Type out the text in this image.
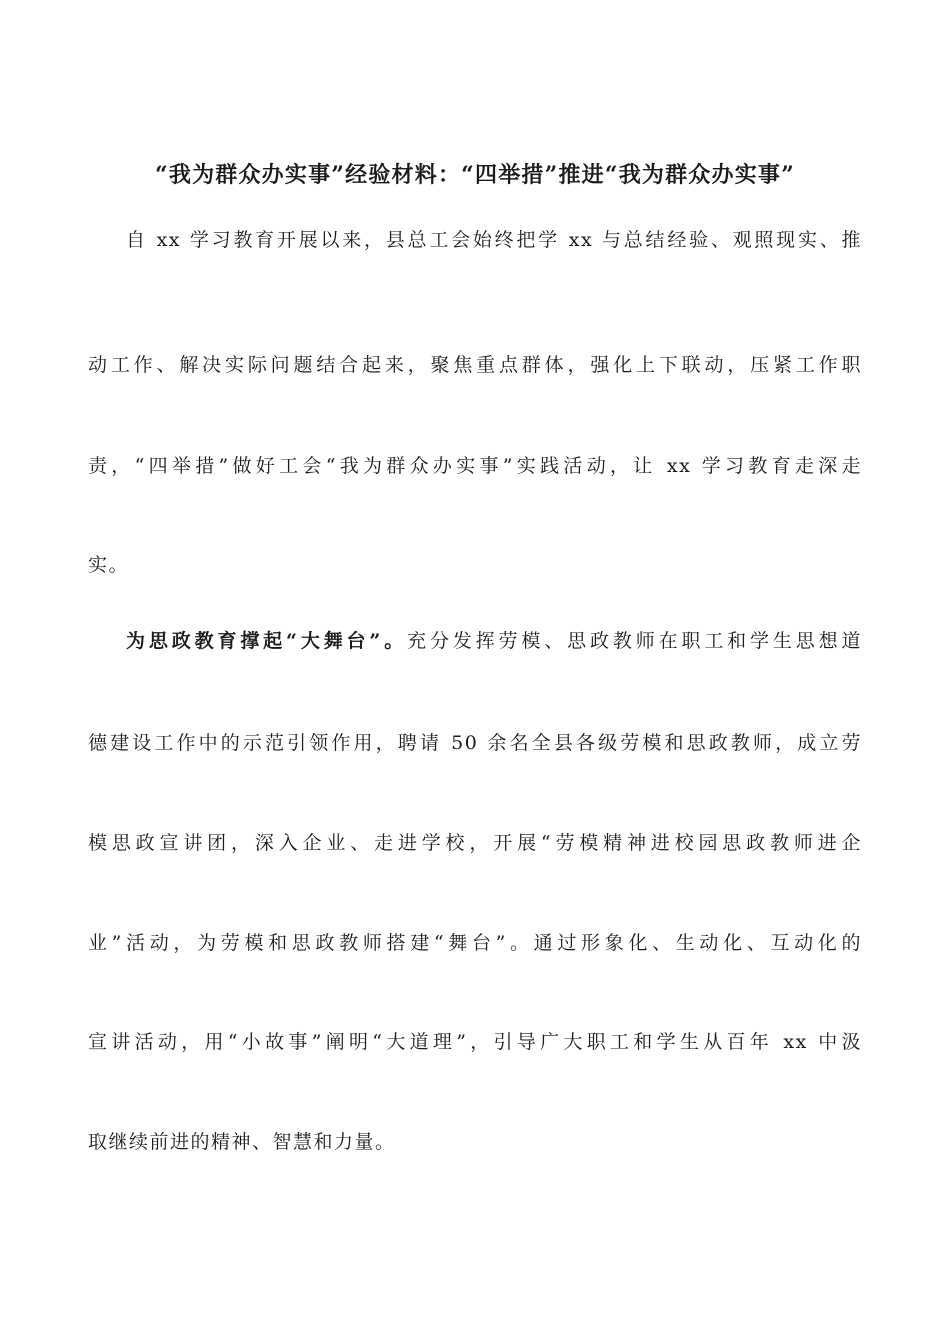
“我为群众办实事”经验材料：“四举措”推进“我为群众办实事”
自 xx 学习教育开展以来，县总工会始终把学 xx 与总结经验、观照现实、推
动工作、解决实际问题结合起来，聚焦重点群体，强化上下联动，压紧工作职
责，“四举措”做好工会“我为群众办实事”实践活动，让 xx 学习教育走深走
实。
为思政教育撑起“大舞台”。充分发挥劳模、思政教师在职工和学生思想道
德建设工作中的示范引领作用，聘请 50 余名全县各级劳模和思政教师，成立劳
模思政宣讲团，深入企业、走进学校，开展“劳模精神进校园思政教师进企
业”活动，为劳模和思政教师搭建“舞台”。通过形象化、生动化、互动化的
宣讲活动，用“小故事”阐明“大道理”，引导广大职工和学生从百年 xx 中汲
取继续前进的精神、智慧和力量。
